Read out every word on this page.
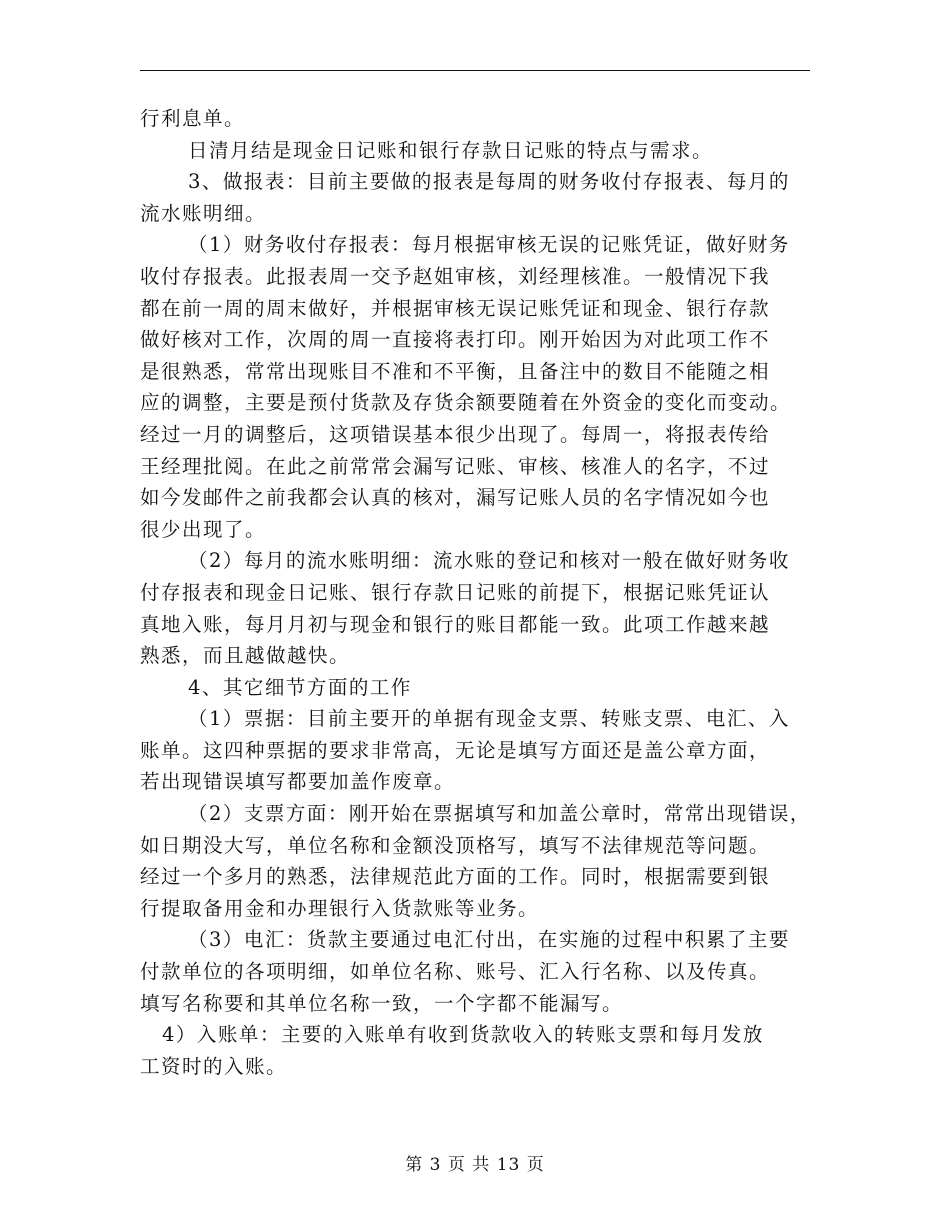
行利息单。
日清月结是现金日记账和银行存款日记账的特点与需求。
3、做报表：目前主要做的报表是每周的财务收付存报表、每月的
流水账明细。
（1）财务收付存报表：每月根据审核无误的记账凭证，做好财务
收付存报表。此报表周一交予赵姐审核，刘经理核准。一般情况下我
都在前一周的周末做好，并根据审核无误记账凭证和现金、银行存款
做好核对工作，次周的周一直接将表打印。刚开始因为对此项工作不
是很熟悉，常常出现账目不准和不平衡，且备注中的数目不能随之相
应的调整，主要是预付货款及存货余额要随着在外资金的变化而变动。
经过一月的调整后，这项错误基本很少出现了。每周一，将报表传给
王经理批阅。在此之前常常会漏写记账、审核、核准人的名字，不过
如今发邮件之前我都会认真的核对，漏写记账人员的名字情况如今也
很少出现了。
（2）每月的流水账明细：流水账的登记和核对一般在做好财务收
付存报表和现金日记账、银行存款日记账的前提下，根据记账凭证认
真地入账，每月月初与现金和银行的账目都能一致。此项工作越来越
熟悉，而且越做越快。
4、其它细节方面的工作
（1）票据：目前主要开的单据有现金支票、转账支票、电汇、入
账单。这四种票据的要求非常高，无论是填写方面还是盖公章方面，
若出现错误填写都要加盖作废章。
（2）支票方面：刚开始在票据填写和加盖公章时，常常出现错误，
如日期没大写，单位名称和金额没顶格写，填写不法律规范等问题。
经过一个多月的熟悉，法律规范此方面的工作。同时，根据需要到银
行提取备用金和办理银行入货款账等业务。
（3）电汇：货款主要通过电汇付出，在实施的过程中积累了主要
付款单位的各项明细，如单位名称、账号、汇入行名称、以及传真。
填写名称要和其单位名称一致，一个字都不能漏写。
4）入账单：主要的入账单有收到货款收入的转账支票和每月发放
工资时的入账。
第 3 页 共 13 页
